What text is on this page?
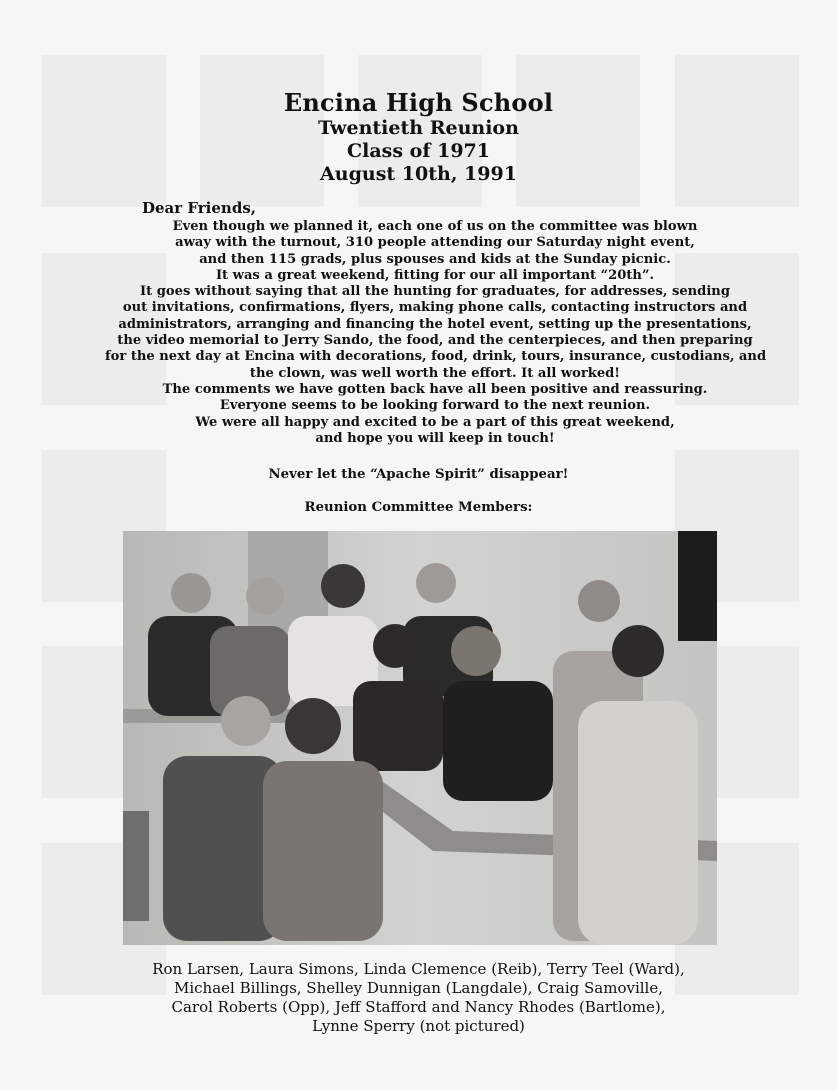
Encina High School
Twentieth Reunion
Class of 1971
August 10th, 1991
Dear Friends,
Even though we planned it, each one of us on the committee was blown
away with the turnout, 310 people attending our Saturday night event,
and then 115 grads, plus spouses and kids at the Sunday picnic.
It was a great weekend, fitting for our all important “20th”.
It goes without saying that all the hunting for graduates, for addresses, sending
out invitations, confirmations, flyers, making phone calls, contacting instructors and
administrators, arranging and financing the hotel event, setting up the presentations,
the video memorial to Jerry Sando, the food, and the centerpieces, and then preparing
for the next day at Encina with decorations, food, drink, tours, insurance, custodians, and
the clown, was well worth the effort. It all worked!
The comments we have gotten back have all been positive and reassuring.
Everyone seems to be looking forward to the next reunion.
We were all happy and excited to be a part of this great weekend,
and hope you will keep in touch!
Never let the “Apache Spirit” disappear!
Reunion Committee Members:
Ron Larsen, Laura Simons, Linda Clemence (Reib), Terry Teel (Ward),
Michael Billings, Shelley Dunnigan (Langdale), Craig Samoville,
Carol Roberts (Opp), Jeff Stafford and Nancy Rhodes (Bartlome),
Lynne Sperry (not pictured)
